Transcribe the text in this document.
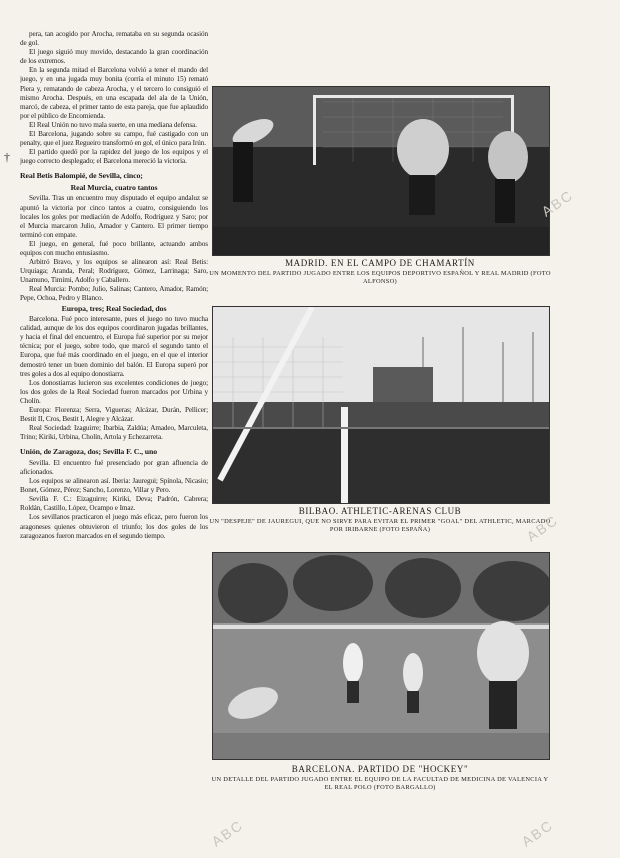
†

pera, tan acogido por Arocha, remataba en su segunda ocasión de gol.

El juego siguió muy movido, destacando la gran coordinación de los extremos.

En la segunda mitad el Barcelona volvió a tener el mando del juego, y en una jugada muy bonita (corría el minuto 15) remató Piera y, rematando de cabeza Arocha, y el tercero lo consiguió el mismo Arocha. Después, en una escapada del ala de la Unión, marcó, de cabeza, el primer tanto de esta pareja, que fue aplaudido por el público de Encomienda.

El Real Unión no tuvo mala suerte, en una mediana defensa.

El Barcelona, jugando sobre su campo, fué castigado con un penalty, que el juez Regueiro transformó en gol, el único para Irún.

El partido quedó por la rapidez del juego de los equipos y el juego correcto desplegado; el Barcelona mereció la victoria.

Real Betis Balompié, de Sevilla, cinco;

Real Murcia, cuatro tantos

Sevilla. Tras un encuentro muy disputado el equipo andaluz se apuntó la victoria por cinco tantos a cuatro, consiguiendo los locales los goles por mediación de Adolfo, Rodríguez y Saro; por el Murcia marcaron Julio, Amador y Cantero. El primer tiempo terminó con empate.

El juego, en general, fué poco brillante, actuando ambos equipos con mucho entusiasmo.

Arbitró Bravo, y los equipos se alinearon así: Real Betis: Urquiaga; Aranda, Peral; Rodríguez, Gómez, Larrinaga; Saro, Unamuno, Timimi, Adolfo y Caballero.

Real Murcia: Pombo; Julio, Salinas; Cantero, Amador, Ramón; Pepe, Ochoa, Pedro y Blanco.

Europa, tres; Real Sociedad, dos

Barcelona. Fué poco interesante, pues el juego no tuvo mucha calidad, aunque de los dos equipos coordinaron jugadas brillantes, y hacia el final del encuentro, el Europa fué superior por su mejor técnica; por el juego, sobre todo, que marcó el segundo tanto el Europa, que fué más coordinado en el juego, en el que el interior demostró tener un buen dominio del balón. El Europa superó por tres goles a dos al equipo donostiarra.

Los donostiarras lucieron sus excelentes condiciones de juego; los dos goles de la Real Sociedad fueron marcados por Urbina y Cholín.

Europa: Florenza; Serra, Vigueras; Alcázar, Durán, Pellicer; Bestit II, Cros, Bestit I, Alegre y Alcázar.

Real Sociedad: Izaguirre; Ibarbia, Zaldúa; Amadeo, Marculeta, Trino; Kiriki, Urbina, Cholín, Artola y Echezarreta.

Unión, de Zaragoza, dos; Sevilla F. C., uno

Sevilla. El encuentro fué presenciado por gran afluencia de aficionados.

Los equipos se alinearon así. Iberia: Jauregui; Spínola, Nicasio; Bonet, Gómez, Pérez; Sancho, Lorenzo, Villar y Pero.

Sevilla F. C.: Eizaguirre; Kiriki, Deva; Padrón, Cabrera; Roldán, Castillo, López, Ocampo e Imaz.

Los sevillanos practicaron el juego más eficaz, pero fueron los aragoneses quienes obtuvieron el triunfo; los dos goles de los zaragozanos fueron marcados en el segundo tiempo.

MADRID. EN EL CAMPO DE CHAMARTÍN
UN MOMENTO DEL PARTIDO JUGADO ENTRE LOS EQUIPOS DEPORTIVO ESPAÑOL Y REAL MADRID (FOTO ALFONSO)
BILBAO. ATHLETIC-ARENAS CLUB
UN "DESPEJE" DE JAUREGUI, QUE NO SIRVE PARA EVITAR EL PRIMER "GOAL" DEL ATHLETIC, MARCADO POR IRIBARNE (FOTO ESPAÑA)
BARCELONA. PARTIDO DE "HOCKEY"
UN DETALLE DEL PARTIDO JUGADO ENTRE EL EQUIPO DE LA FACULTAD DE MEDICINA DE VALENCIA Y EL REAL POLO (FOTO BARGALLO)
ABC
ABC
ABC	ABC
